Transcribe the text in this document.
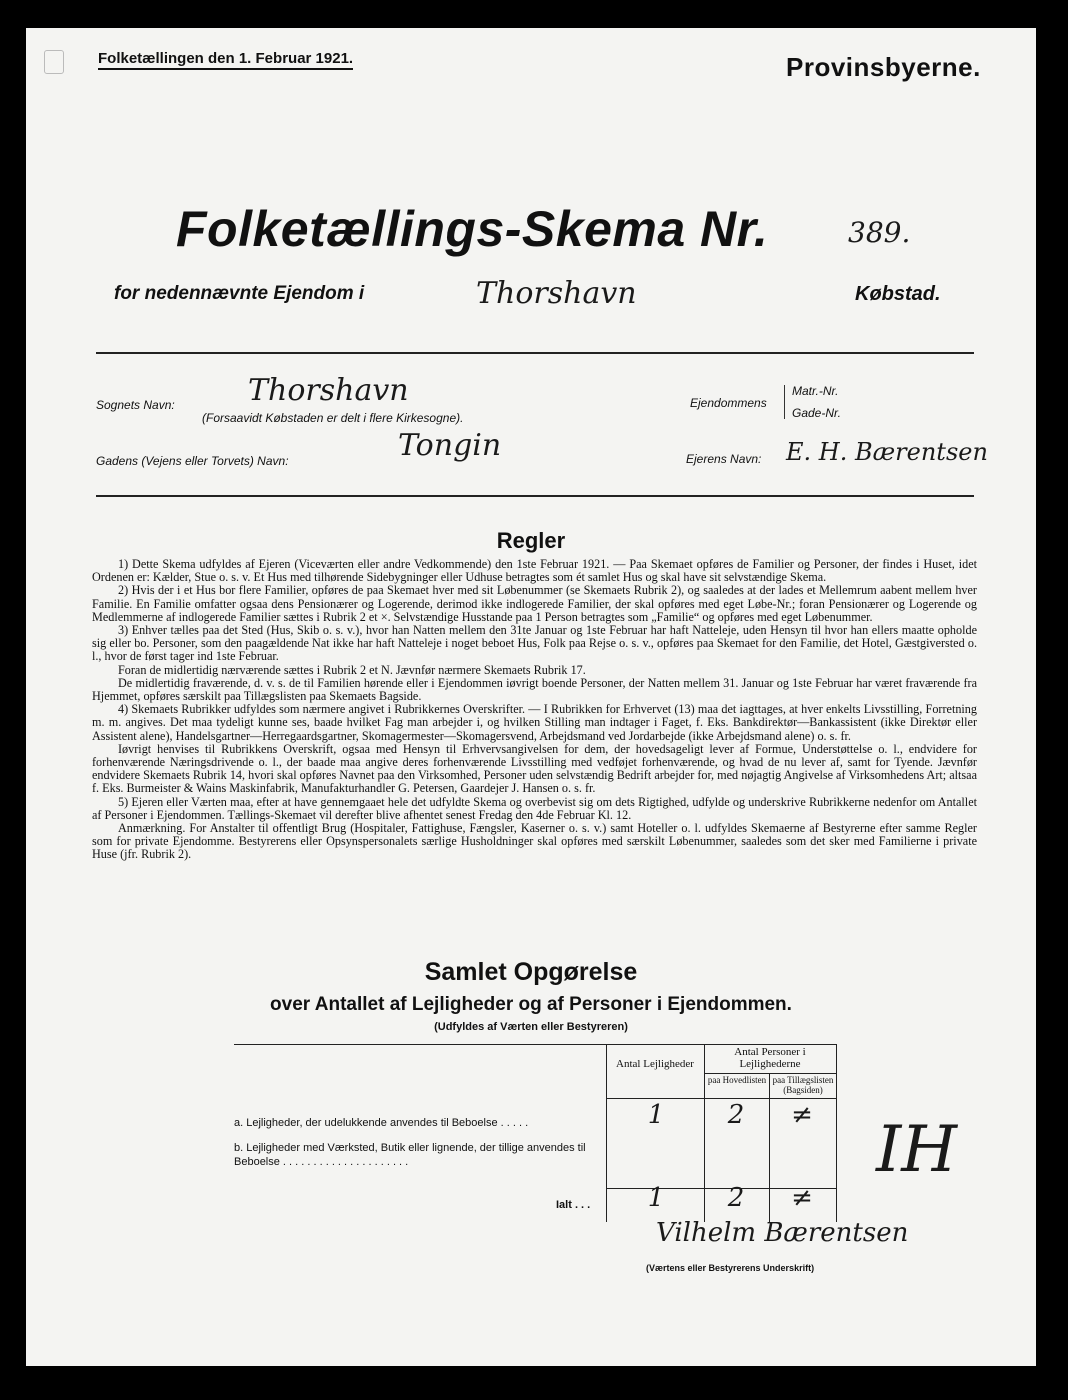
Folketællingen den 1. Februar 1921.	Provinsbyerne.
Folketællings-Skema Nr.	389.
for nedennævnte Ejendom i	Thorshavn	Købstad.
Sognets Navn: Thorshavn
(Forsaavidt Købstaden er delt i flere Kirkesogne).
Ejendommens
Matr.-Nr.
Gade-Nr.
Gadens (Vejens eller Torvets) Navn:	Tongin	Ejerens Navn: E. H. Bærentsen
Regler

1) Dette Skema udfyldes af Ejeren (Viceværten eller andre Vedkommende) den 1ste Februar 1921. — Paa Skemaet opføres de Familier og Personer, der findes i Huset, idet Ordenen er: Kælder, Stue o. s. v. Et Hus med tilhørende Sidebygninger eller Udhuse betragtes som ét samlet Hus og skal have sit selvstændige Skema.

2) Hvis der i et Hus bor flere Familier, opføres de paa Skemaet hver med sit Løbenummer (se Skemaets Rubrik 2), og saaledes at der lades et Mellemrum aabent mellem hver Familie. En Familie omfatter ogsaa dens Pensionærer og Logerende, derimod ikke indlogerede Familier, der skal opføres med eget Løbe-Nr.; foran Pensionærer og Logerende og Medlemmerne af indlogerede Familier sættes i Rubrik 2 et ×. Selvstændige Husstande paa 1 Person betragtes som „Familie“ og opføres med eget Løbenummer.

3) Enhver tælles paa det Sted (Hus, Skib o. s. v.), hvor han Natten mellem den 31te Januar og 1ste Februar har haft Natteleje, uden Hensyn til hvor han ellers maatte opholde sig eller bo. Personer, som den paagældende Nat ikke har haft Natteleje i noget beboet Hus, Folk paa Rejse o. s. v., opføres paa Skemaet for den Familie, det Hotel, Gæstgiversted o. l., hvor de først tager ind 1ste Februar.

Foran de midlertidig nærværende sættes i Rubrik 2 et N. Jævnfør nærmere Skemaets Rubrik 17.

De midlertidig fraværende, d. v. s. de til Familien hørende eller i Ejendommen iøvrigt boende Personer, der Natten mellem 31. Januar og 1ste Februar har været fraværende fra Hjemmet, opføres særskilt paa Tillægslisten paa Skemaets Bagside.

4) Skemaets Rubrikker udfyldes som nærmere angivet i Rubrikkernes Overskrifter. — I Rubrikken for Erhvervet (13) maa det iagttages, at hver enkelts Livsstilling, Forretning m. m. angives. Det maa tydeligt kunne ses, baade hvilket Fag man arbejder i, og hvilken Stilling man indtager i Faget, f. Eks. Bankdirektør—Bankassistent (ikke Direktør eller Assistent alene), Handelsgartner—Herregaardsgartner, Skomagermester—Skomagersvend, Arbejdsmand ved Jordarbejde (ikke Arbejdsmand alene) o. s. fr.

Iøvrigt henvises til Rubrikkens Overskrift, ogsaa med Hensyn til Erhvervsangivelsen for dem, der hovedsageligt lever af Formue, Understøttelse o. l., endvidere for forhenværende Næringsdrivende o. l., der baade maa angive deres forhenværende Livsstilling med vedføjet forhenværende, og hvad de nu lever af, samt for Tyende. Jævnfør endvidere Skemaets Rubrik 14, hvori skal opføres Navnet paa den Virksomhed, Personer uden selvstændig Bedrift arbejder for, med nøjagtig Angivelse af Virksomhedens Art; altsaa f. Eks. Burmeister & Wains Maskinfabrik, Manufakturhandler G. Petersen, Gaardejer J. Hansen o. s. fr.

5) Ejeren eller Værten maa, efter at have gennemgaaet hele det udfyldte Skema og overbevist sig om dets Rigtighed, udfylde og underskrive Rubrikkerne nedenfor om Antallet af Personer i Ejendommen. Tællings-Skemaet vil derefter blive afhentet senest Fredag den 4de Februar Kl. 12.

Anmærkning. For Anstalter til offentligt Brug (Hospitaler, Fattighuse, Fængsler, Kaserner o. s. v.) samt Hoteller o. l. udfyldes Skemaerne af Bestyrerne efter samme Regler som for private Ejendomme. Bestyrerens eller Opsynspersonalets særlige Husholdninger skal opføres med særskilt Løbenummer, saaledes som det sker med Familierne i private Huse (jfr. Rubrik 2).

Samlet Opgørelse
over Antallet af Lejligheder og af Personer i Ejendommen.
(Udfyldes af Værten eller Bestyreren)
Antal Lejligheder
Antal Personer i Lejlighederne
paa Hovedlisten paa Tillægslisten (Bagsiden)
a. Lejligheder, der udelukkende anvendes til Beboelse . . . . .	1	2	≠
b. Lejligheder med Værksted, Butik eller lignende, der tillige anvendes til Beboelse . . . . . . . . . . . . . . . . . . . . .
Ialt . . .	1	2	≠
IH
Vilhelm Bærentsen
(Værtens eller Bestyrerens Underskrift)
